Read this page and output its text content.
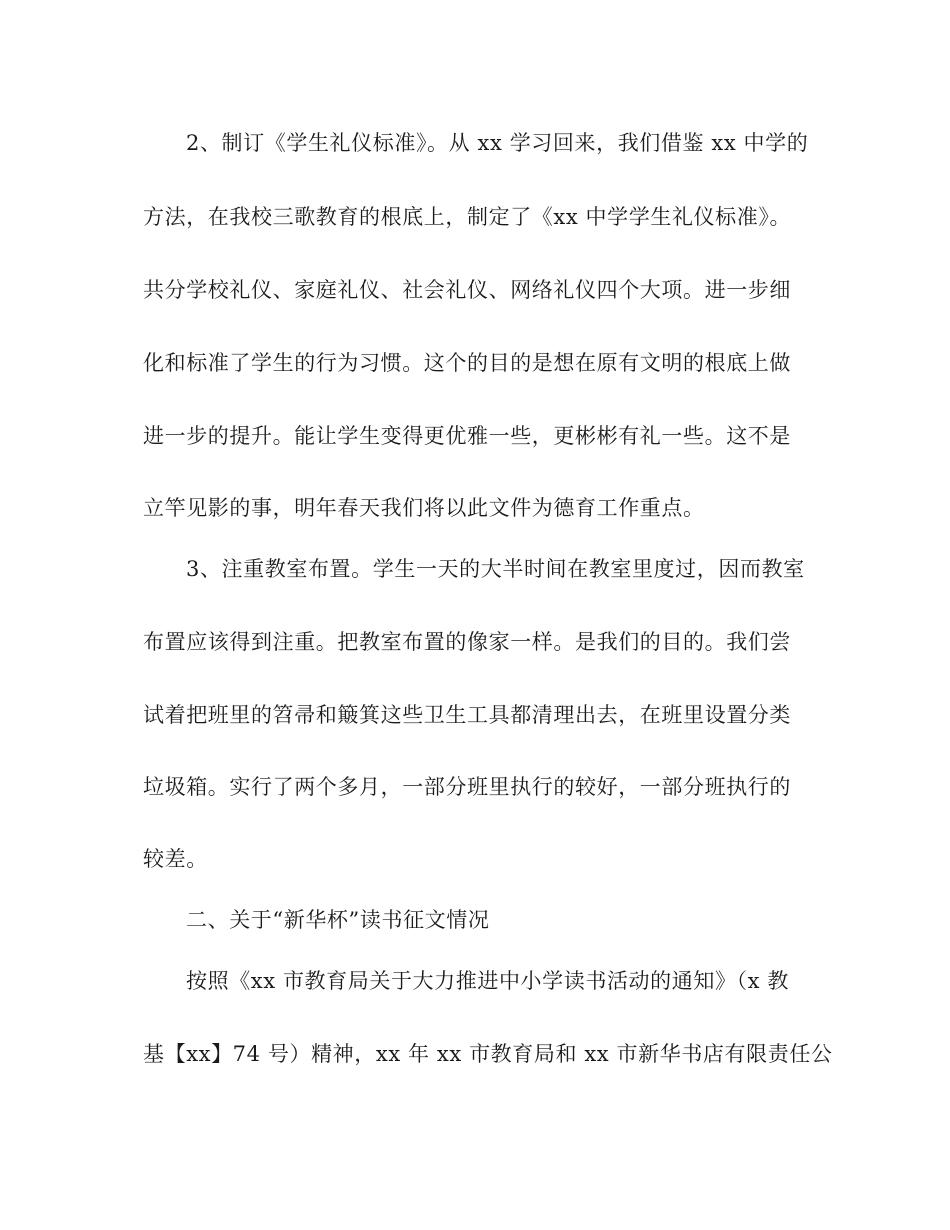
2、制订《学生礼仪标准》。从 xx 学习回来，我们借鉴 xx 中学的
方法，在我校三歌教育的根底上，制定了《xx 中学学生礼仪标准》。
共分学校礼仪、家庭礼仪、社会礼仪、网络礼仪四个大项。进一步细
化和标准了学生的行为习惯。这个的目的是想在原有文明的根底上做
进一步的提升。能让学生变得更优雅一些，更彬彬有礼一些。这不是
立竿见影的事，明年春天我们将以此文件为德育工作重点。
3、注重教室布置。学生一天的大半时间在教室里度过，因而教室
布置应该得到注重。把教室布置的像家一样。是我们的目的。我们尝
试着把班里的笤帚和簸箕这些卫生工具都清理出去，在班里设置分类
垃圾箱。实行了两个多月，一部分班里执行的较好，一部分班执行的
较差。
二、关于“新华杯”读书征文情况
按照《xx 市教育局关于大力推进中小学读书活动的通知》（x 教
基【xx】74 号）精神，xx 年 xx 市教育局和 xx 市新华书店有限责任公
